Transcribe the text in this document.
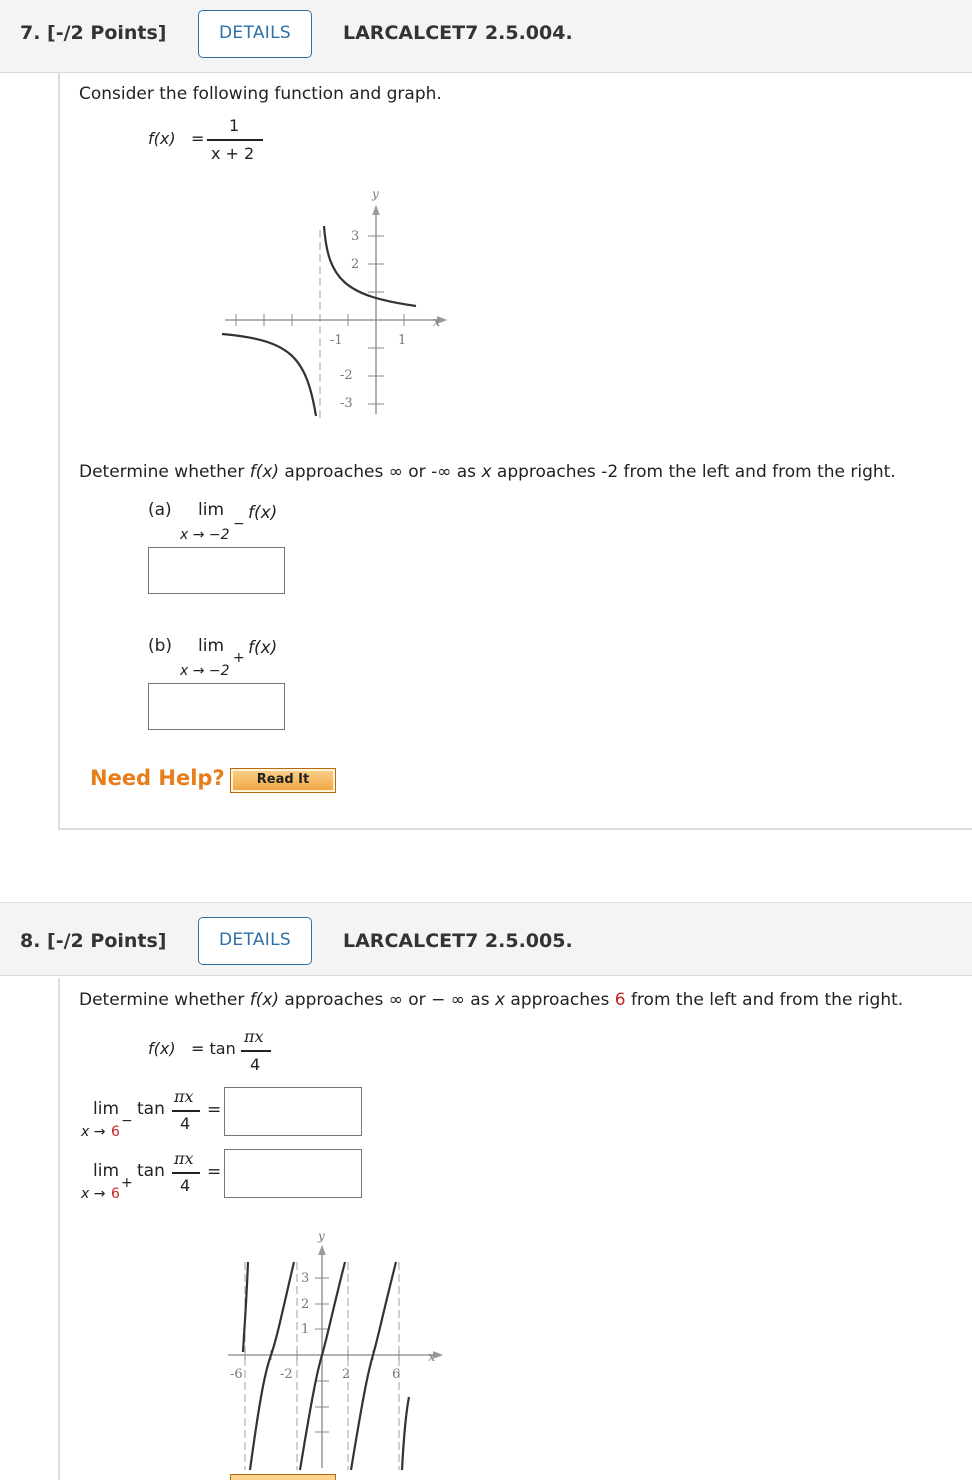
7. [-/2 Points]	DETAILS	LARCALCET7 2.5.004.
Consider the following function and graph.
f(x) =
1
x + 2
y
x
3
2
-2
-3
-1	1
Determine whether f(x) approaches ∞ or -∞ as x approaches -2 from the left and from the right.
(a) lim
x → −2
−
f(x)
(b) lim
x → −2
+ f(x)
Need Help?	Read It
8. [-/2 Points]	DETAILS	LARCALCET7 2.5.005.
Determine whether f(x) approaches ∞ or − ∞ as x approaches 6 from the left and from the right.
f(x) = tan
πx
4
lim
x → 6
−
tan
πx
4
=
lim
x → 6
+
tan
πx
4
=
y
x
3
2
1
-6	-2	2	6
